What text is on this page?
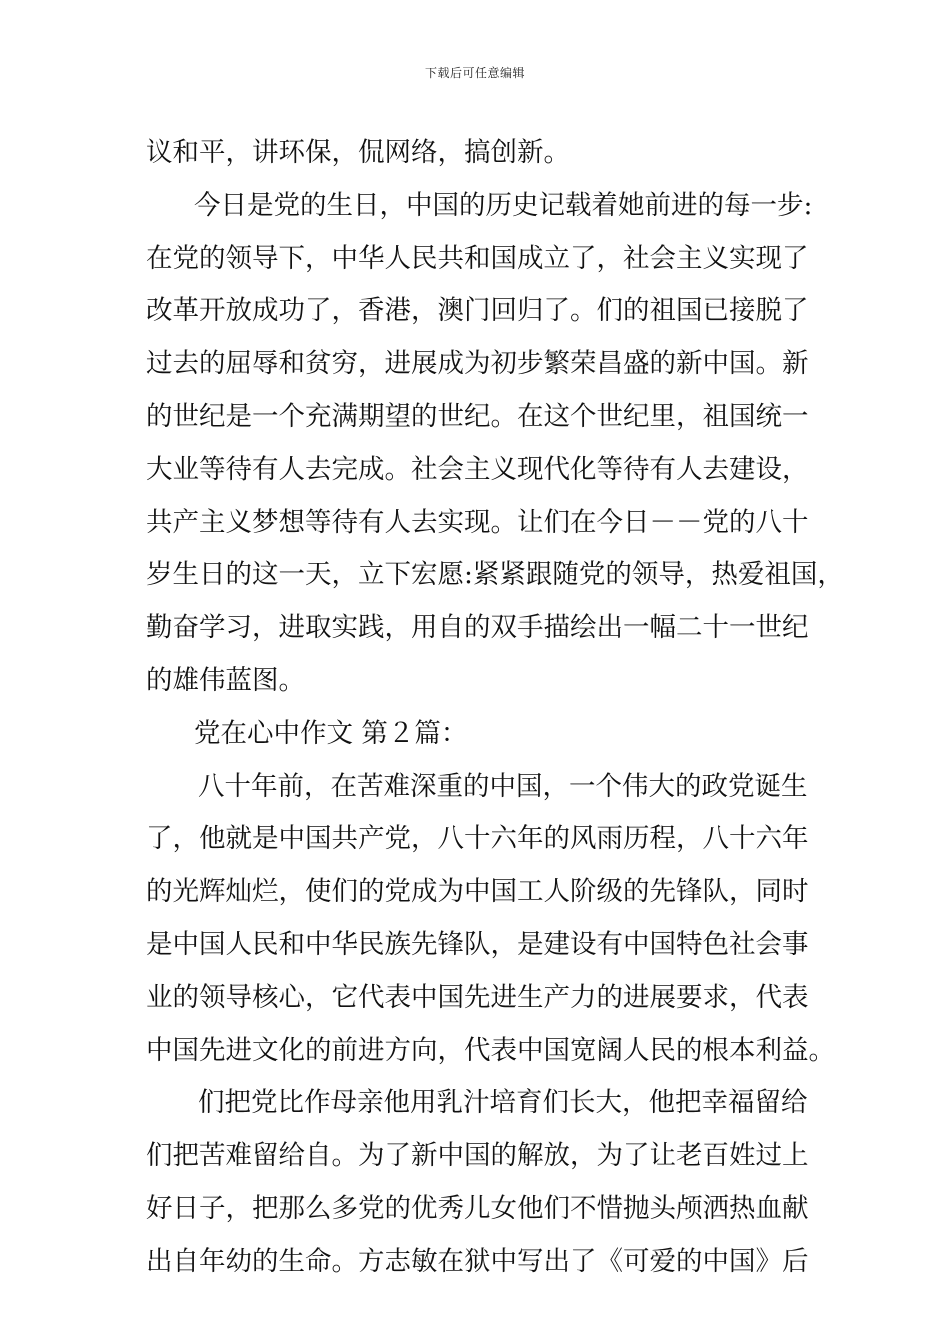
下载后可任意编辑
议和平，讲环保，侃网络，搞创新。
今日是党的生日，中国的历史记载着她前进的每一步:
在党的领导下，中华人民共和国成立了，社会主义实现了
改革开放成功了，香港，澳门回归了。们的祖国已接脱了
过去的屈辱和贫穷，进展成为初步繁荣昌盛的新中国。新
的世纪是一个充满期望的世纪。在这个世纪里，祖国统一
大业等待有人去完成。社会主义现代化等待有人去建设，
共产主义梦想等待有人去实现。让们在今日－－党的八十
岁生日的这一天，立下宏愿:紧紧跟随党的领导，热爱祖国，
勤奋学习，进取实践，用自的双手描绘出一幅二十一世纪
的雄伟蓝图。
党在心中作文 第２篇：
八十年前，在苦难深重的中国，一个伟大的政党诞生
了，他就是中国共产党，八十六年的风雨历程，八十六年
的光辉灿烂，使们的党成为中国工人阶级的先锋队，同时
是中国人民和中华民族先锋队，是建设有中国特色社会事
业的领导核心，它代表中国先进生产力的进展要求，代表
中国先进文化的前进方向，代表中国宽阔人民的根本利益。
们把党比作母亲他用乳汁培育们长大，他把幸福留给
们把苦难留给自。为了新中国的解放，为了让老百姓过上
好日子，把那么多党的优秀儿女他们不惜抛头颅洒热血献
出自年幼的生命。方志敏在狱中写出了《可爱的中国》后
